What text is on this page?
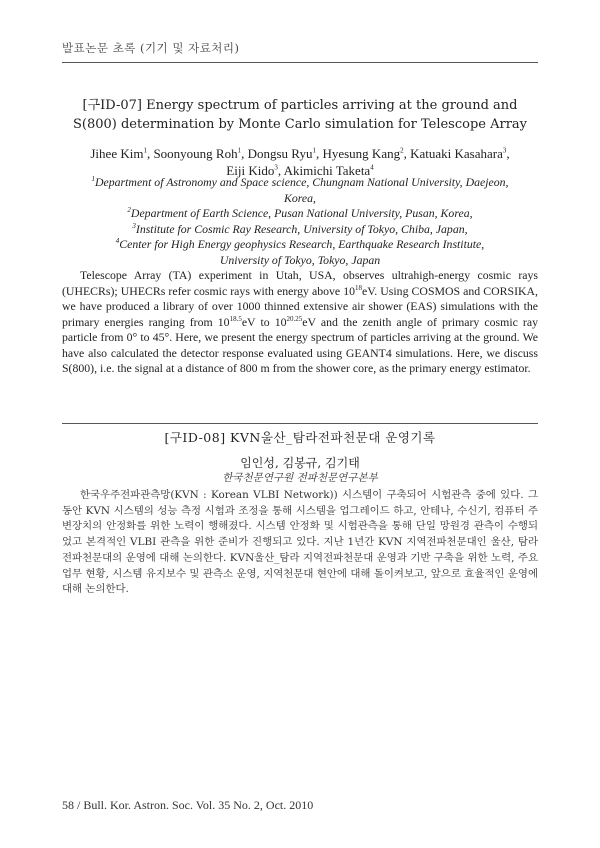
발표논문 초록 (기기 및 자료처리)
[구ID-07] Energy spectrum of particles arriving at the ground and
S(800) determination by Monte Carlo simulation for Telescope Array
Jihee Kim$^1$, Soonyoung Roh$^1$, Dongsu Ryu$^1$, Hyesung Kang$^2$, Katuaki Kasahara$^3$,
Eiji Kido$^3$, Akimichi Taketa$^4$
$^1$Department of Astronomy and Space science, Chungnam National University, Daejeon,
Korea,
$^2$Department of Earth Science, Pusan National University, Pusan, Korea,
$^3$Institute for Cosmic Ray Research, University of Tokyo, Chiba, Japan,
$^4$Center for High Energy geophysics Research, Earthquake Research Institute,
University of Tokyo, Tokyo, Japan

Telescope Array (TA) experiment in Utah, USA, observes ultrahigh-energy cosmic rays (UHECRs); UHECRs refer cosmic rays with energy above $10^{18}eV$. Using COSMOS and CORSIKA, we have produced a library of over 1000 thinned extensive air shower (EAS) simulations with the primary energies ranging from $10^{18.5}eV$ to $10^{20.25}eV$ and the zenith angle of primary cosmic ray particle from 0° to 45°. Here, we present the energy spectrum of particles arriving at the ground. We have also calculated the detector response evaluated using GEANT4 simulations. Here, we discuss S(800), i.e. the signal at a distance of 800 m from the shower core, as the primary energy estimator.

[구ID-08] KVN울산_탐라전파천문대 운영기록
임인성, 김봉규, 김기태
한국천문연구원 전파천문연구본부

한국우주전파관측망(KVN : Korean VLBI Network)) 시스템이 구축되어 시험관측 중에 있다. 그 동안 KVN 시스템의 성능 측정 시험과 조정을 통해 시스템을 업그레이드 하고, 안테나, 수신기, 컴퓨터 주변장치의 안정화를 위한 노력이 행해졌다. 시스템 안정화 및 시험관측을 통해 단일 망원경 관측이 수행되었고 본격적인 VLBI 관측을 위한 준비가 진행되고 있다. 지난 1년간 KVN 지역전파천문대인 울산, 탐라전파천문대의 운영에 대해 논의한다. KVN울산_탐라 지역전파천문대 운영과 기반 구축을 위한 노력, 주요업무 현황, 시스템 유지보수 및 관측소 운영, 지역천문대 현안에 대해 돌이켜보고, 앞으로 효율적인 운영에 대해 논의한다.

58 / Bull. Kor. Astron. Soc. Vol. 35 No. 2, Oct. 2010
